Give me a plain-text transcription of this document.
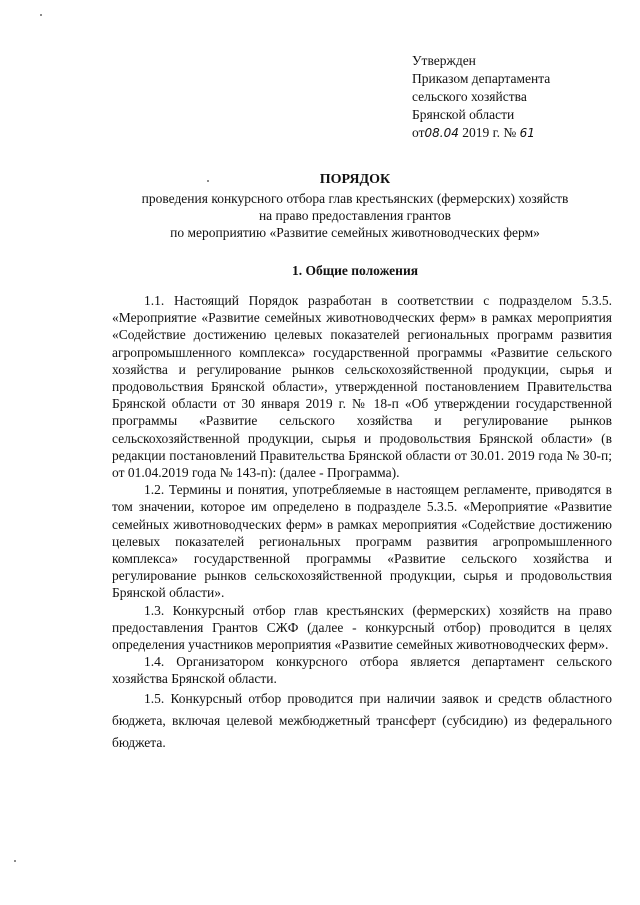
Утвержден
Приказом департамента
сельского хозяйства
Брянской области
от08.04 2019 г. № 61

ПОРЯДОК

проведения конкурсного отбора глав крестьянских (фермерских) хозяйств

на право предоставления грантов

по мероприятию «Развитие семейных животноводческих ферм»

1. Общие положения

1.1. Настоящий Порядок разработан в соответствии с подразделом 5.3.5. «Мероприятие «Развитие семейных животноводческих ферм» в рамках мероприятия «Содействие достижению целевых показателей региональных программ развития агропромышленного комплекса» государственной программы «Развитие сельского хозяйства и регулирование рынков сельскохозяйственной продукции, сырья и продовольствия Брянской области», утвержденной постановлением Правительства Брянской области от 30 января 2019 г. № 18-п «Об утверждении государственной программы «Развитие сельского хозяйства и регулирование рынков сельскохозяйственной продукции, сырья и продовольствия Брянской области» (в редакции постановлений Правительства Брянской области от 30.01. 2019 года № 30-п; от 01.04.2019 года № 143-п): (далее - Программа).

1.2. Термины и понятия, употребляемые в настоящем регламенте, приводятся в том значении, которое им определено в подразделе 5.3.5. «Мероприятие «Развитие семейных животноводческих ферм» в рамках мероприятия «Содействие достижению целевых показателей региональных программ развития агропромышленного комплекса» государственной программы «Развитие сельского хозяйства и регулирование рынков сельскохозяйственной продукции, сырья и продовольствия Брянской области».

1.3. Конкурсный отбор глав крестьянских (фермерских) хозяйств на право предоставления Грантов СЖФ (далее - конкурсный отбор) проводится в целях определения участников мероприятия «Развитие семейных животноводческих ферм».

1.4. Организатором конкурсного отбора является департамент сельского хозяйства Брянской области.

1.5. Конкурсный отбор проводится при наличии заявок и средств областного бюджета, включая целевой межбюджетный трансферт (субсидию) из федерального бюджета.
